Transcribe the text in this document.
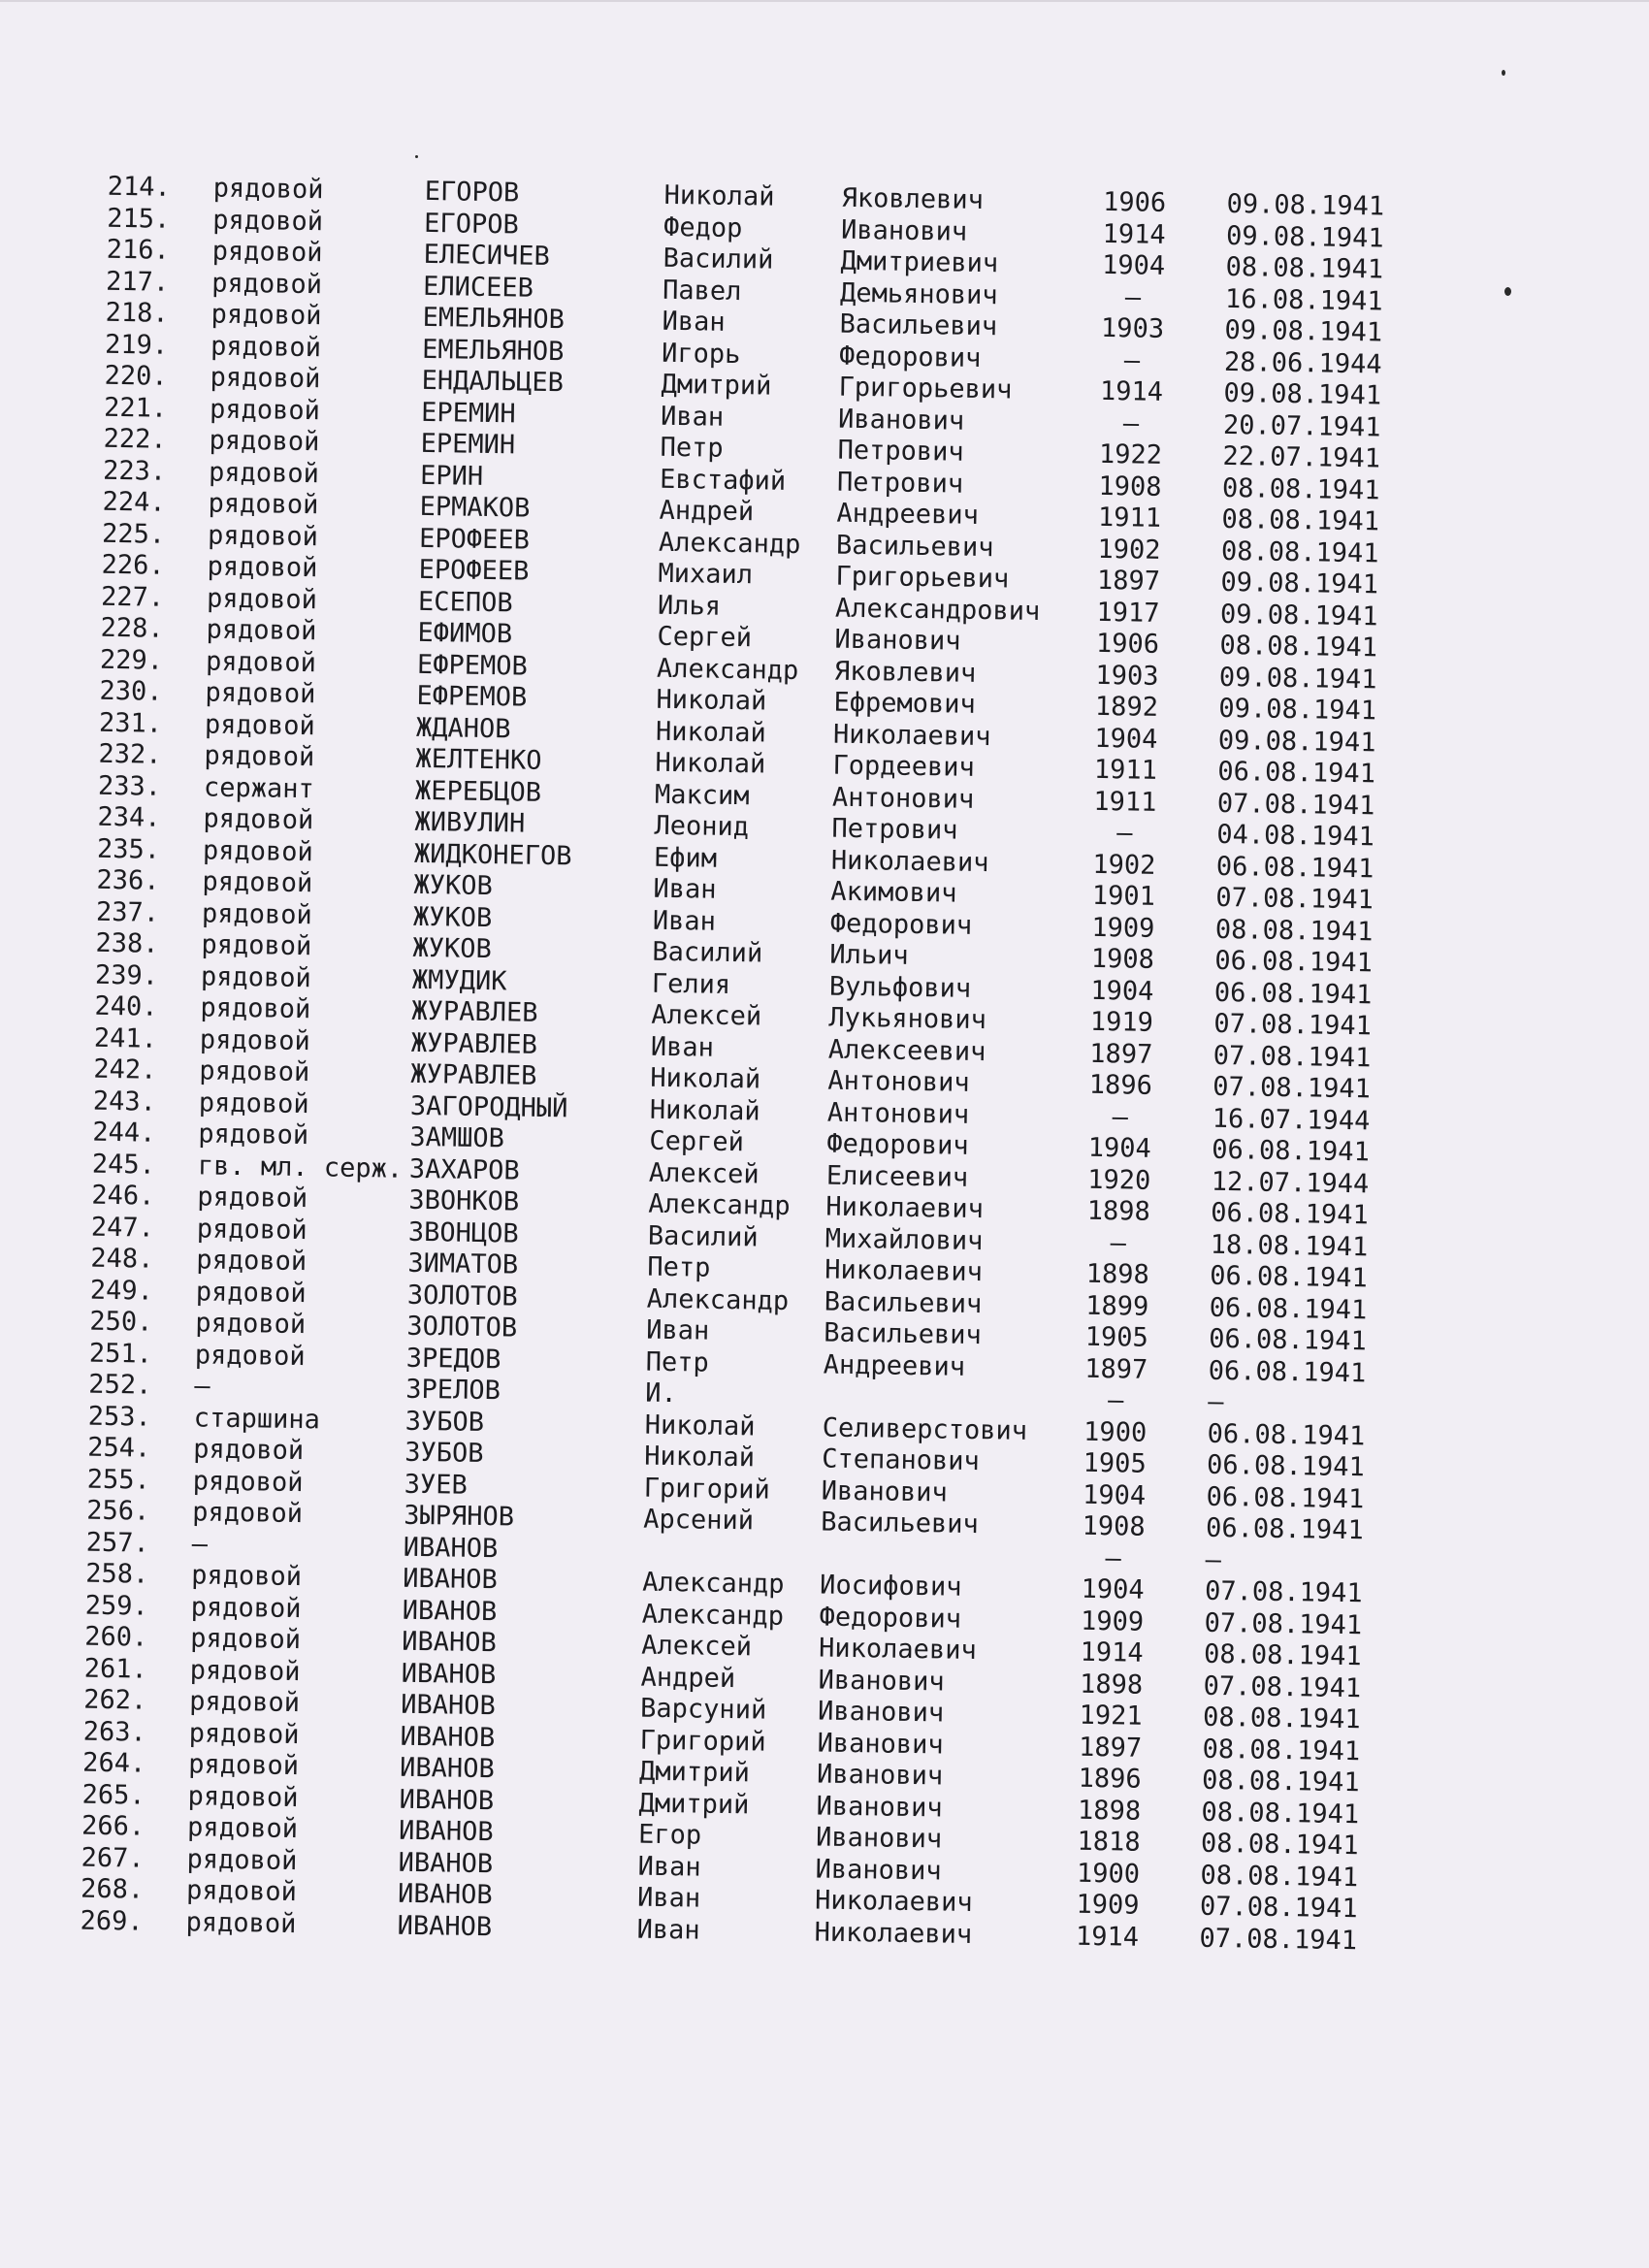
214. рядовой	ЕГОРОВ	Николай	Яковлевич	1906	09.08.1941
215. рядовой	ЕГОРОВ	Федор	Иванович	1914	09.08.1941
216. рядовой	ЕЛЕСИЧЕВ	Василий	Дмитриевич	1904	08.08.1941
217. рядовой	ЕЛИСЕЕВ	Павел	Демьянович	–	16.08.1941
218. рядовой	ЕМЕЛЬЯНОВ	Иван	Васильевич	1903	09.08.1941
219. рядовой	ЕМЕЛЬЯНОВ	Игорь	Федорович	–	28.06.1944
220. рядовой	ЕНДАЛЬЦЕВ	Дмитрий	Григорьевич	1914	09.08.1941
221. рядовой	ЕРЕМИН	Иван	Иванович	–	20.07.1941
222. рядовой	ЕРЕМИН	Петр	Петрович	1922	22.07.1941
223. рядовой	ЕРИН	Евстафий Петрович	1908	08.08.1941
224. рядовой	ЕРМАКОВ	Андрей	Андреевич	1911	08.08.1941
225. рядовой	ЕРОФЕЕВ	Александр Васильевич	1902	08.08.1941
226. рядовой	ЕРОФЕЕВ	Михаил	Григорьевич	1897	09.08.1941
227. рядовой	ЕСЕПОВ	Илья	Александрович	1917	09.08.1941
228. рядовой	ЕФИМОВ	Сергей	Иванович	1906	08.08.1941
229. рядовой	ЕФРЕМОВ	Александр Яковлевич	1903	09.08.1941
230. рядовой	ЕФРЕМОВ	Николай	Ефремович	1892	09.08.1941
231. рядовой	ЖДАНОВ	Николай	Николаевич	1904	09.08.1941
232. рядовой	ЖЕЛТЕНКО	Николай	Гордеевич	1911	06.08.1941
233. сержант	ЖЕРЕБЦОВ	Максим	Антонович	1911	07.08.1941
234. рядовой	ЖИВУЛИН	Леонид	Петрович	–	04.08.1941
235. рядовой	ЖИДКОНЕГОВ	Ефим	Николаевич	1902	06.08.1941
236. рядовой	ЖУКОВ	Иван	Акимович	1901	07.08.1941
237. рядовой	ЖУКОВ	Иван	Федорович	1909	08.08.1941
238. рядовой	ЖУКОВ	Василий	Ильич	1908	06.08.1941
239. рядовой	ЖМУДИК	Гелия	Вульфович	1904	06.08.1941
240. рядовой	ЖУРАВЛЕВ	Алексей	Лукьянович	1919	07.08.1941
241. рядовой	ЖУРАВЛЕВ	Иван	Алексеевич	1897	07.08.1941
242. рядовой	ЖУРАВЛЕВ	Николай	Антонович	1896	07.08.1941
243. рядовой	ЗАГОРОДНЫЙ	Николай	Антонович	–	16.07.1944
244. рядовой	ЗАМШОВ	Сергей	Федорович	1904	06.08.1941
245. гв. мл. серж. ЗАХАРОВ	Алексей	Елисеевич	1920	12.07.1944
246. рядовой	ЗВОНКОВ	Александр Николаевич	1898	06.08.1941
247. рядовой	ЗВОНЦОВ	Василий	Михайлович	–	18.08.1941
248. рядовой	ЗИМАТОВ	Петр	Николаевич	1898	06.08.1941
249. рядовой	ЗОЛОТОВ	Александр Васильевич	1899	06.08.1941
250. рядовой	ЗОЛОТОВ	Иван	Васильевич	1905	06.08.1941
251. рядовой	ЗРЕДОВ	Петр	Андреевич	1897	06.08.1941
252. –	ЗРЕЛОВ	И.	–	–
253. старшина	ЗУБОВ	Николай	Селиверстович	1900	06.08.1941
254. рядовой	ЗУБОВ	Николай	Степанович	1905	06.08.1941
255. рядовой	ЗУЕВ	Григорий Иванович	1904	06.08.1941
256. рядовой	ЗЫРЯНОВ	Арсений	Васильевич	1908	06.08.1941
257. –	ИВАНОВ	–	–
258. рядовой	ИВАНОВ	Александр Иосифович	1904	07.08.1941
259. рядовой	ИВАНОВ	Александр Федорович	1909	07.08.1941
260. рядовой	ИВАНОВ	Алексей	Николаевич	1914	08.08.1941
261. рядовой	ИВАНОВ	Андрей	Иванович	1898	07.08.1941
262. рядовой	ИВАНОВ	Варсуний Иванович	1921	08.08.1941
263. рядовой	ИВАНОВ	Григорий Иванович	1897	08.08.1941
264. рядовой	ИВАНОВ	Дмитрий	Иванович	1896	08.08.1941
265. рядовой	ИВАНОВ	Дмитрий	Иванович	1898	08.08.1941
266. рядовой	ИВАНОВ	Егор	Иванович	1818	08.08.1941
267. рядовой	ИВАНОВ	Иван	Иванович	1900	08.08.1941
268. рядовой	ИВАНОВ	Иван	Николаевич	1909	07.08.1941
269. рядовой	ИВАНОВ	Иван	Николаевич	1914	07.08.1941
